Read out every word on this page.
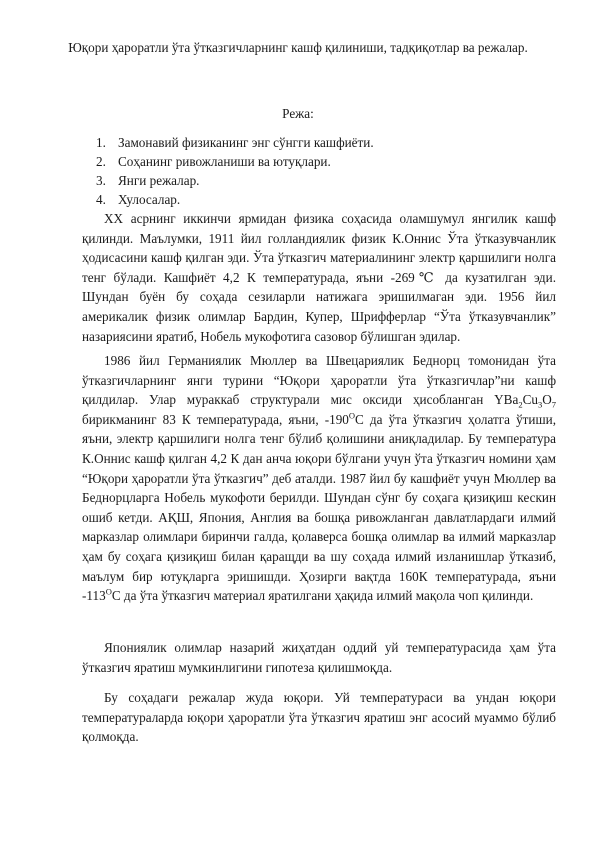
Юқори ҳароратли ўта ўтказгичларнинг кашф қилиниши, тадқиқотлар ва режалар.
Режа:
1. Замонавий физиканинг энг сўнгги кашфиёти.
2. Соҳанинг ривожланиши ва ютуқлари.
3. Янги режалар.
4. Хулосалар.

XX асрнинг иккинчи ярмидан физика соҳасида оламшумул янгилик кашф қилинди. Маълумки, 1911 йил голландиялик физик К.Оннис Ўта ўтказувчанлик ҳодисасини кашф қилган эди. Ўта ўтказгич материалининг электр қаршилиги нолга тенг бўлади. Кашфиёт 4,2 К температурада, яъни -269℃ да кузатилган эди. Шундан буён бу соҳада сезиларли натижага эришилмаган эди. 1956 йил америкалик физик олимлар Бардин, Купер, Шрифферлар “Ўта ўтказувчанлик” назариясини яратиб, Нобель мукофотига сазовор бўлишган эдилар.

1986 йил Германиялик Мюллер ва Швецариялик Беднорц томонидан ўта ўтказгичларнинг янги турини “Юқори ҳароратли ўта ўтказгичлар”ни кашф қилдилар. Улар мураккаб структурали мис оксиди ҳисобланган $YBa_2Cu_3O_7$ бирикманинг 83 К температурада, яъни, $-190^OC$ да ўта ўтказгич ҳолатга ўтиши, яъни, электр қаршилиги нолга тенг бўлиб қолишини аниқладилар. Бу температура К.Оннис кашф қилган 4,2 К дан анча юқори бўлгани учун ўта ўтказгич номини ҳам “Юқори ҳароратли ўта ўтказгич” деб аталди. 1987 йил бу кашфиёт учун Мюллер ва Беднорцларга Нобель мукофоти берилди. Шундан сўнг бу соҳага қизиқиш кескин ошиб кетди. АҚШ, Япония, Англия ва бошқа ривожланган давлатлардаги илмий марказлар олимлари биринчи галда, қолаверса бошқа олимлар ва илмий марказлар ҳам бу соҳага қизиқиш билан қаращди ва шу соҳада илмий изланишлар ўтказиб, маълум бир ютуқларга эришишди. Ҳозирги вақтда 160К температурада, яъни $-113^OC$ да ўта ўтказгич материал яратилгани ҳақида илмий мақола чоп қилинди.

Япониялик олимлар назарий жиҳатдан оддий уй температурасида ҳам ўта ўтказгич яратиш мумкинлигини гипотеза қилишмоқда.

Бу соҳадаги режалар жуда юқори. Уй температураси ва ундан юқори температураларда юқори ҳароратли ўта ўтказгич яратиш энг асосий муаммо бўлиб қолмоқда.
